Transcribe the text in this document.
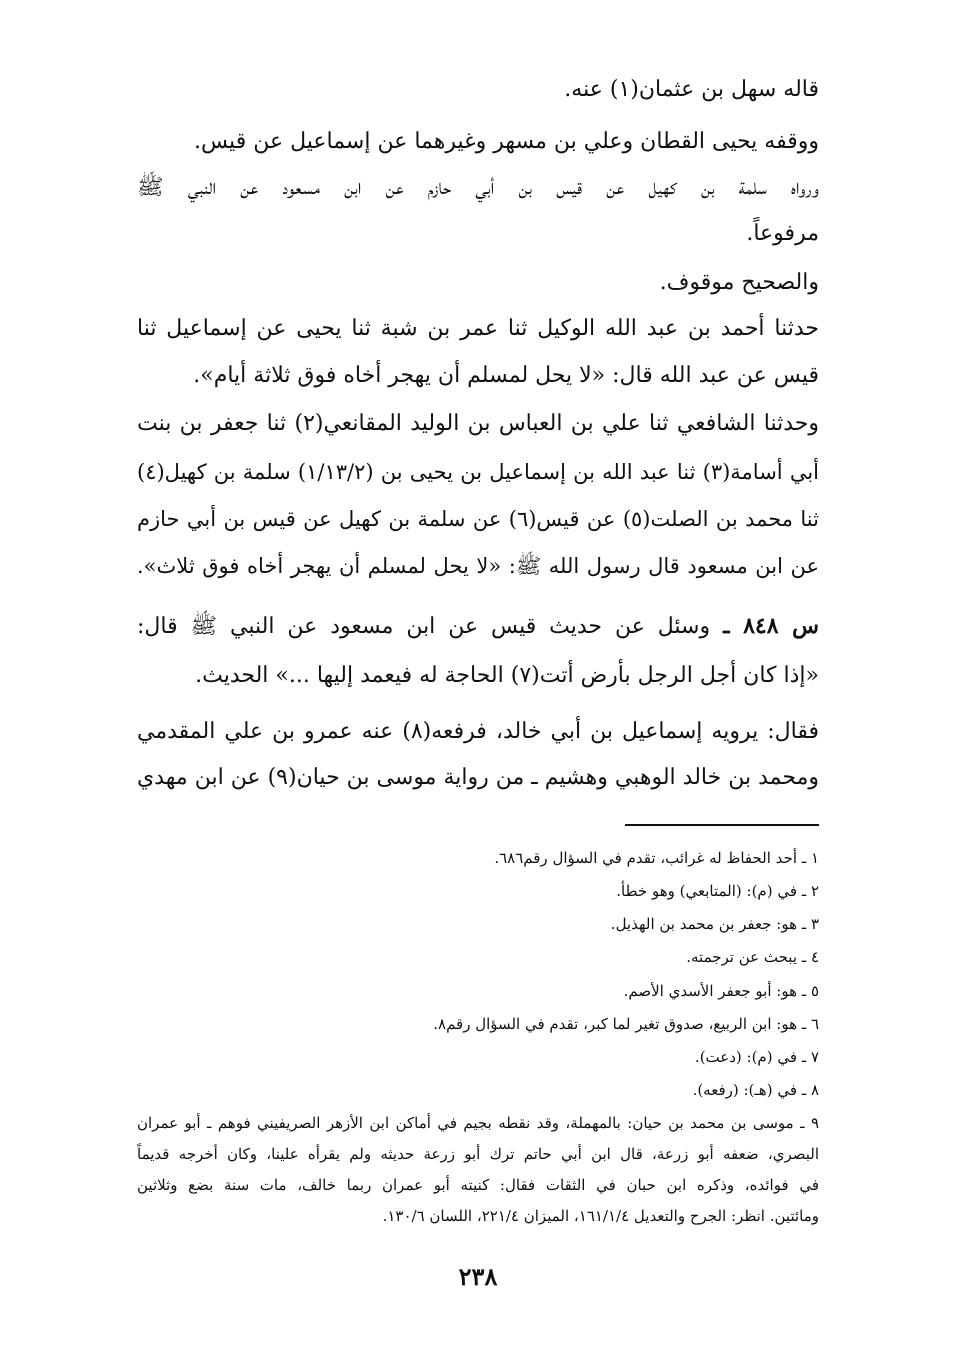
قاله سهل بن عثمان(١) عنه.
ووقفه يحيى القطان وعلي بن مسهر وغيرهما عن إسماعيل عن قيس.
ورواه سلمة بن كهيل عن قيس بن أبي حازم عن ابن مسعود عن النبي ﷺ
مرفوعاً.
والصحيح موقوف.
حدثنا أحمد بن عبد الله الوكيل ثنا عمر بن شبة ثنا يحيى عن إسماعيل ثنا
قيس عن عبد الله قال: «لا يحل لمسلم أن يهجر أخاه فوق ثلاثة أيام».
وحدثنا الشافعي ثنا علي بن العباس بن الوليد المقانعي(٢) ثنا جعفر بن بنت
أبي أسامة(٣) ثنا عبد الله بن إسماعيل بن يحيى بن (١/١٣/٢) سلمة بن كهيل(٤)
ثنا محمد بن الصلت(٥) عن قيس(٦) عن سلمة بن كهيل عن قيس بن أبي حازم
عن ابن مسعود قال رسول الله ﷺ: «لا يحل لمسلم أن يهجر أخاه فوق ثلاث».
س ٨٤٨ ـ وسئل عن حديث قيس عن ابن مسعود عن النبي ﷺ قال:
«إذا كان أجل الرجل بأرض أتت(٧) الحاجة له فيعمد إليها ...» الحديث.
فقال: يرويه إسماعيل بن أبي خالد، فرفعه(٨) عنه عمرو بن علي المقدمي
ومحمد بن خالد الوهبي وهشيم ـ من رواية موسى بن حيان(٩) عن ابن مهدي
١ ـ أحد الحفاظ له غرائب، تقدم في السؤال رقم٦٨٦.
٢ ـ في (م): (المتابعي) وهو خطأ.
٣ ـ هو: جعفر بن محمد بن الهذيل.
٤ ـ يبحث عن ترجمته.
٥ ـ هو: أبو جعفر الأسدي الأصم.
٦ ـ هو: ابن الربيع، صدوق تغير لما كبر، تقدم في السؤال رقم٨.
٧ ـ في (م): (دعت).
٨ ـ في (هـ): (رفعه).
٩ ـ موسى بن محمد بن حيان: بالمهملة، وقد نقطه بجيم في أماكن ابن الأزهر الصريفيني فوهم ـ أبو عمران
البصري، ضعفه أبو زرعة، قال ابن أبي حاتم ترك أبو زرعة حديثه ولم يقرأه علينا، وكان أخرجه قديماً
في فوائده، وذكره ابن حبان في الثقات فقال: كنيته أبو عمران ربما خالف، مات سنة بضع وثلاثين
ومائتين. انظر: الجرح والتعديل ١٦١/١/٤، الميزان ٢٢١/٤، اللسان ١٣٠/٦.
٢٣٨
